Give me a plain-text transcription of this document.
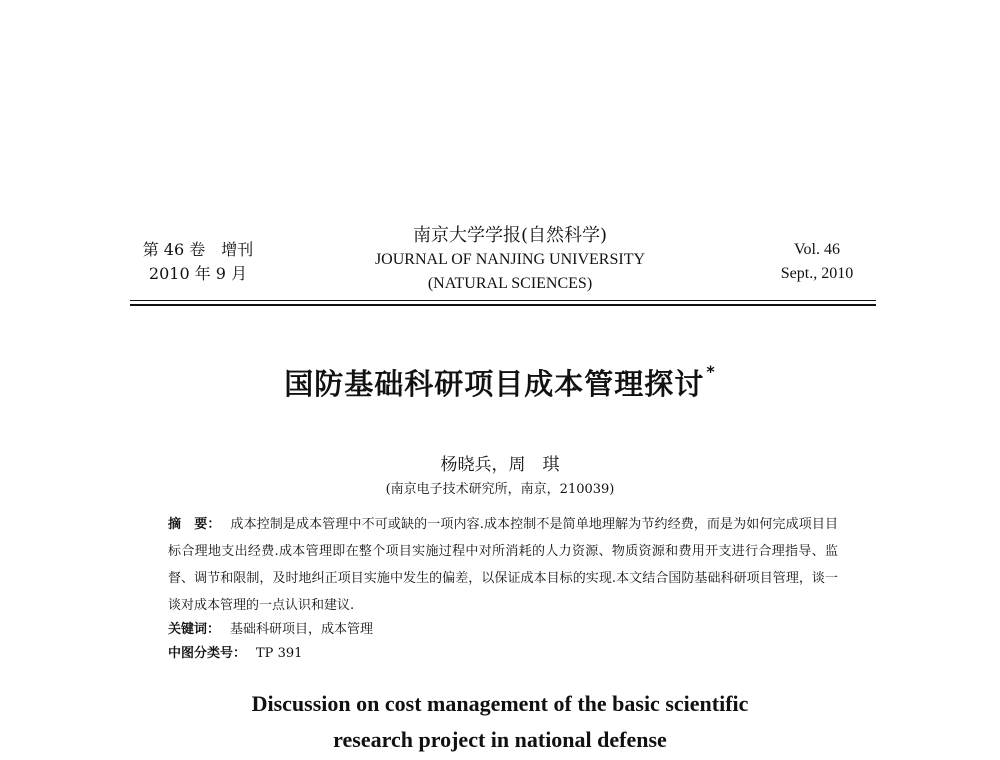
第 46 卷　增刊
2010 年 9 月
南京大学学报(自然科学)
JOURNAL OF NANJING UNIVERSITY
(NATURAL SCIENCES)
Vol. 46
Sept., 2010
国防基础科研项目成本管理探讨 *
杨晓兵，周　琪
(南京电子技术研究所，南京，210039)
摘　要： 成本控制是成本管理中不可或缺的一项内容.成本控制不是简单地理解为节约经费，而是为如何完成项目目标合理地支出经费.成本管理即在整个项目实施过程中对所消耗的人力资源、物质资源和费用开支进行合理指导、监督、调节和限制，及时地纠正项目实施中发生的偏差，以保证成本目标的实现.本文结合国防基础科研项目管理，谈一谈对成本管理的一点认识和建议.
关键词： 基础科研项目，成本管理
中图分类号： TP 391
Discussion on cost management of the basic scientific
research project in national defense
